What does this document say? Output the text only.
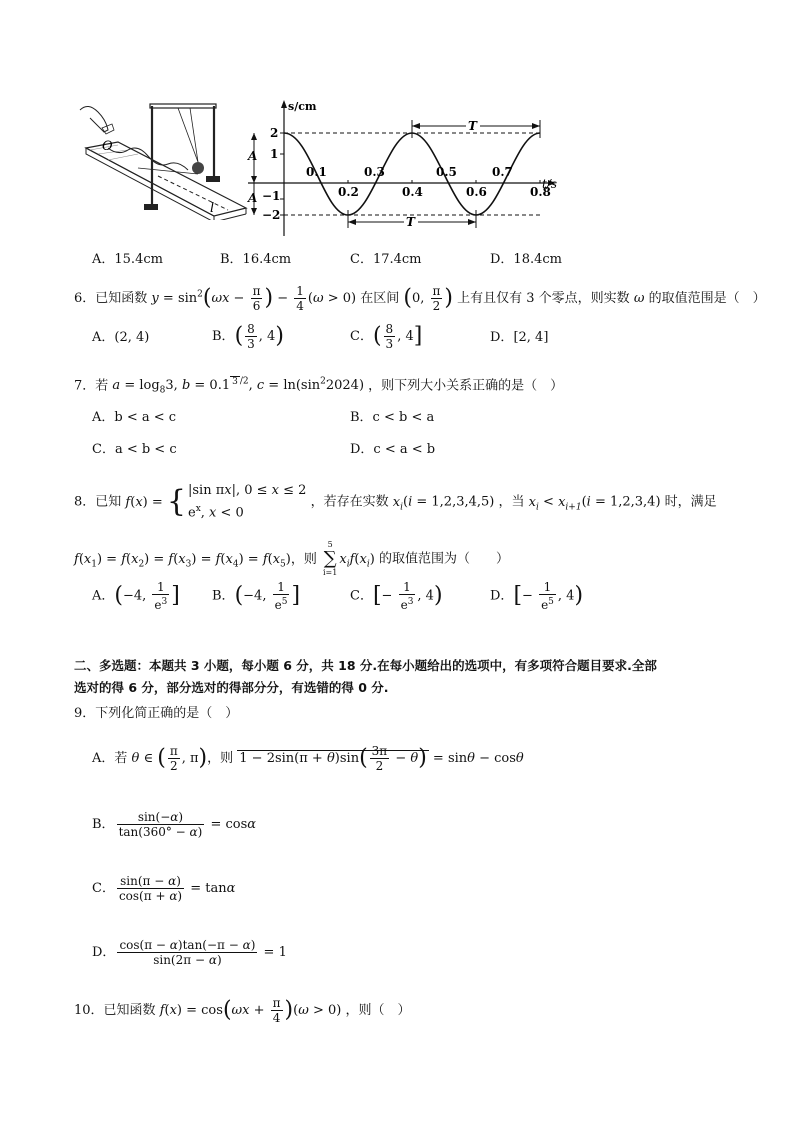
O
l
s/cm
t/s
2
1
−1
−2
A
A	0.2	0.4	0.6	0.8
0.1	0.3	0.5	0.7
T
T
A．15.4cm	B．16.4cm	C．17.4cm	D．18.4cm
6．已知函数 $y = \sin^2(\omega x - \frac{\pi}{6}$ ) − $\frac{1}{4} (\omega > 0)$ 在区间 (0, $\frac{\pi}{2}$ ) 上有且仅有 3 个零点，则实数 ω 的取值范围是（　）
A．(2, 4)	B．( $\frac{8}{3}$ , 4)	C．( $\frac{8}{3}$ , 4]	D．[2, 4]
7．若 $a = \log_83$, b = 0.1 $^{3 /2}$, $c = \ln(\sin^22024)$ ，则下列大小关系正确的是（　）
A．b < a < c	B．c < b < a
C．a < b < c	D．c < a < b
8．已知 f(x) = { |sin πx|, 0 ≤ x ≤ 2
$e^x$, x < 0 ，若存在实数 $x_i(i = 1,2,3,4,5)$ ，当 $x_i < x_{i+1}(i = 1,2,3,4)$ 时，满足
$f(x_1) = f(x_2) = f(x_3) = f(x_4) = f(x_5)$，则
5
∑
i=1
$x_if(x_i)$ 的取值范围为（　　）
A．(−4, $\frac{1}{e^3}$ ] B．(−4, $\frac{1}{e^5}$ ]	C．[− $\frac{1}{e^3}$ , 4)	D．[− $\frac{1}{e^5}$ , 4)
二、多选题：本题共 3 小题，每小题 6 分，共 18 分.在每小题给出的选项中，有多项符合题目要求.全部
选对的得 6 分，部分选对的得部分分，有选错的得 0 分.
9．下列化简正确的是（　）
A．若 θ ∈ ( $\frac{\pi}{2}$ , π)，则 $1 - 2\sin(\pi + \theta)\sin( \frac{3\pi}{2} - \theta) = \sin\theta - \cos\theta$
B． $\frac{\sin(-\alpha)}{\tan(360^\circ - \alpha)} = \cos\alpha$
C． $\frac{\sin(\pi - \alpha)}{\cos(\pi + \alpha)} = \tan\alpha$
D． $\frac{\cos(\pi - \alpha)\tan(-\pi - \alpha)}{\sin(2\pi - \alpha)} = 1$
10．已知函数 $f(x) = \cos(\omega x + \frac{\pi}{4} )(\omega > 0)$ ，则（　）
